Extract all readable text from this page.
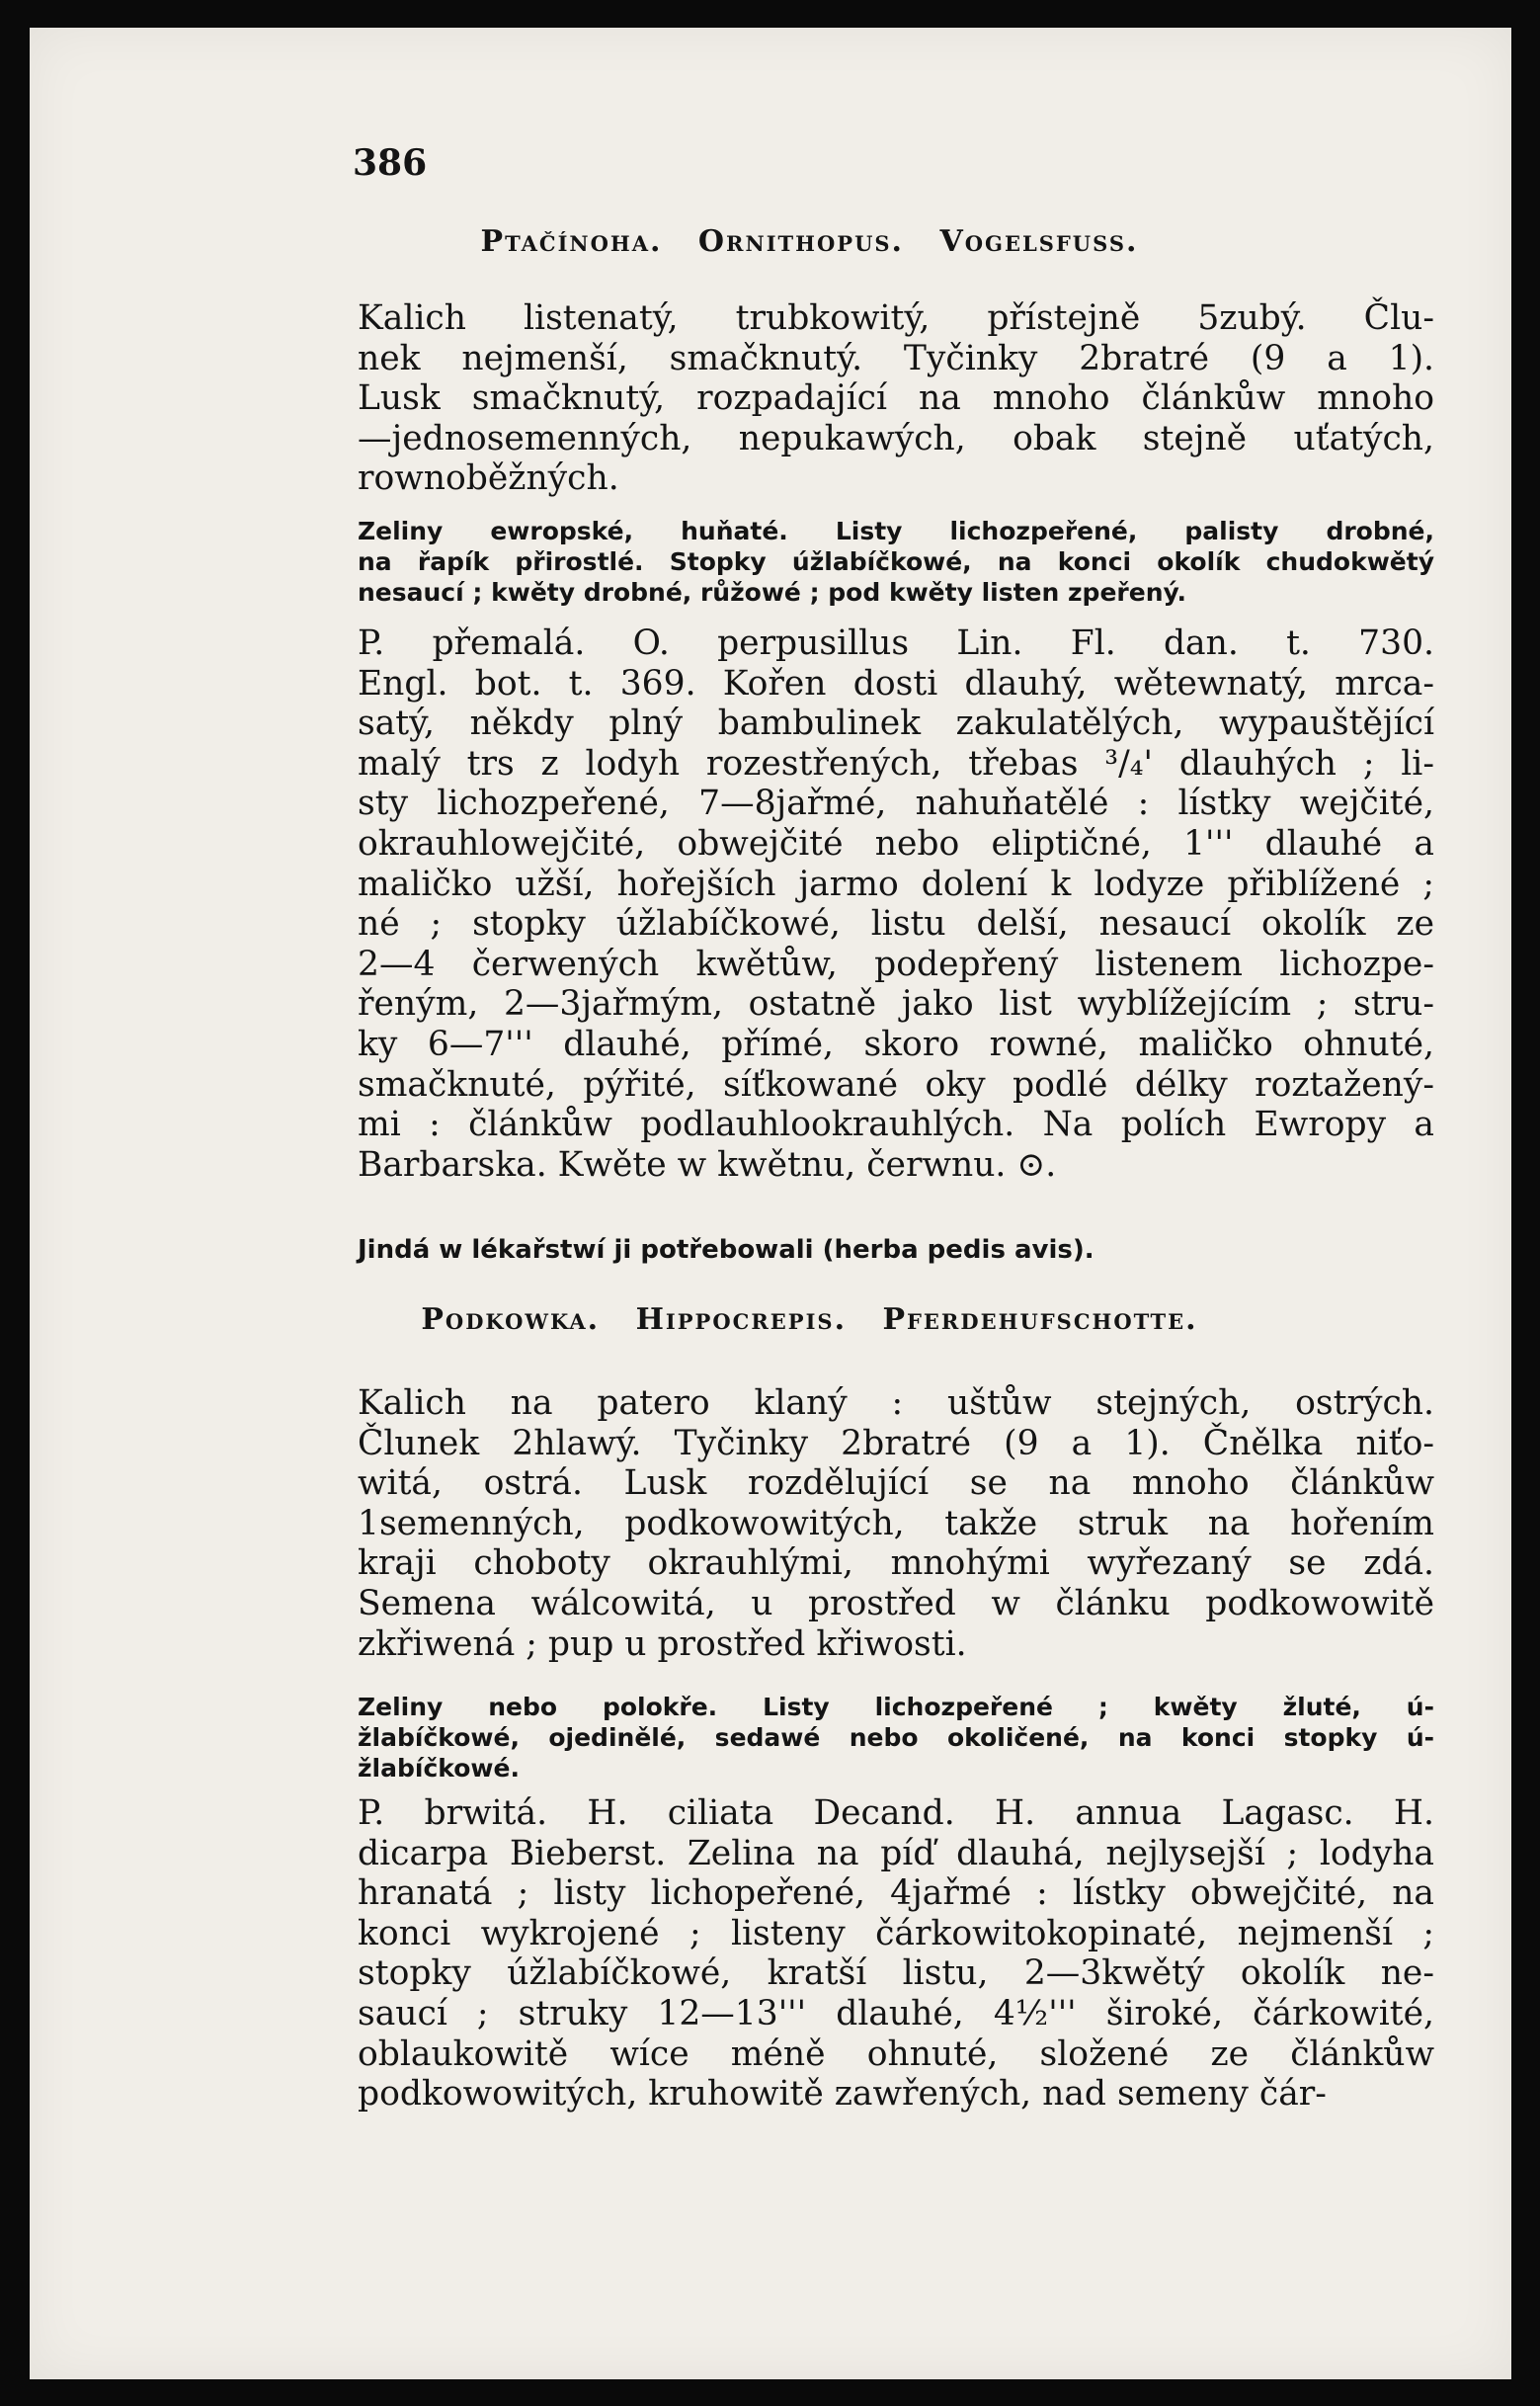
386
Ptačínoha. Ornithopus. Vogelsfuss.

Kalich listenatý, trubkowitý, přístejně 5zubý. Člu-
nek nejmenší, smačknutý. Tyčinky 2bratré (9 a 1).
Lusk smačknutý, rozpadající na mnoho článkůw mnoho
—jednosemenných, nepukawých, obak stejně uťatých,
rownoběžných.

Zeliny ewropské, huňaté. Listy lichozpeřené, palisty drobné,
na řapík přirostlé. Stopky úžlabíčkowé, na konci okolík chudokwětý
nesaucí ; kwěty drobné, růžowé ; pod kwěty listen zpeřený.

P. přemalá. O. perpusillus Lin. Fl. dan. t. 730.
Engl. bot. t. 369. Kořen dosti dlauhý, wětewnatý, mrca-
satý, někdy plný bambulinek zakulatělých, wypauštějící
malý trs z lodyh rozestřených, třebas ³/₄' dlauhých ; li-
sty lichozpeřené, 7—8jařmé, nahuňatělé : lístky wejčité,
okrauhlowejčité, obwejčité nebo eliptičné, 1''' dlauhé a
maličko užší, hořejších jarmo dolení k lodyze přiblížené ;
né ; stopky úžlabíčkowé, listu delší, nesaucí okolík ze
2—4 čerwených kwětůw, podepřený listenem lichozpe-
řeným, 2—3jařmým, ostatně jako list wyblížejícím ; stru-
ky 6—7''' dlauhé, přímé, skoro rowné, maličko ohnuté,
smačknuté, pýřité, síťkowané oky podlé délky roztažený-
mi : článkůw podlauhlookrauhlých. Na polích Ewropy a
Barbarska. Kwěte w kwětnu, čerwnu. ⊙.

Jindá w lékařstwí ji potřebowali (herba pedis avis).

Podkowka. Hippocrepis. Pferdehufschotte.

Kalich na patero klaný : uštůw stejných, ostrých.
Člunek 2hlawý. Tyčinky 2bratré (9 a 1). Čnělka niťo-
witá, ostrá. Lusk rozdělující se na mnoho článkůw
1semenných, podkowowitých, takže struk na hořením
kraji choboty okrauhlými, mnohými wyřezaný se zdá.
Semena wálcowitá, u prostřed w článku podkowowitě
zkřiwená ; pup u prostřed křiwosti.

Zeliny nebo polokře. Listy lichozpeřené ; kwěty žluté, ú-
žlabíčkowé, ojedinělé, sedawé nebo okoličené, na konci stopky ú-
žlabíčkowé.

P. brwitá. H. ciliata Decand. H. annua Lagasc. H.
dicarpa Bieberst. Zelina na píď dlauhá, nejlysejší ; lodyha
hranatá ; listy lichopeřené, 4jařmé : lístky obwejčité, na
konci wykrojené ; listeny čárkowitokopinaté, nejmenší ;
stopky úžlabíčkowé, kratší listu, 2—3kwětý okolík ne-
saucí ; struky 12—13''' dlauhé, 4½''' široké, čárkowité,
oblaukowitě wíce méně ohnuté, složené ze článkůw
podkowowitých, kruhowitě zawřených, nad semeny čár-
